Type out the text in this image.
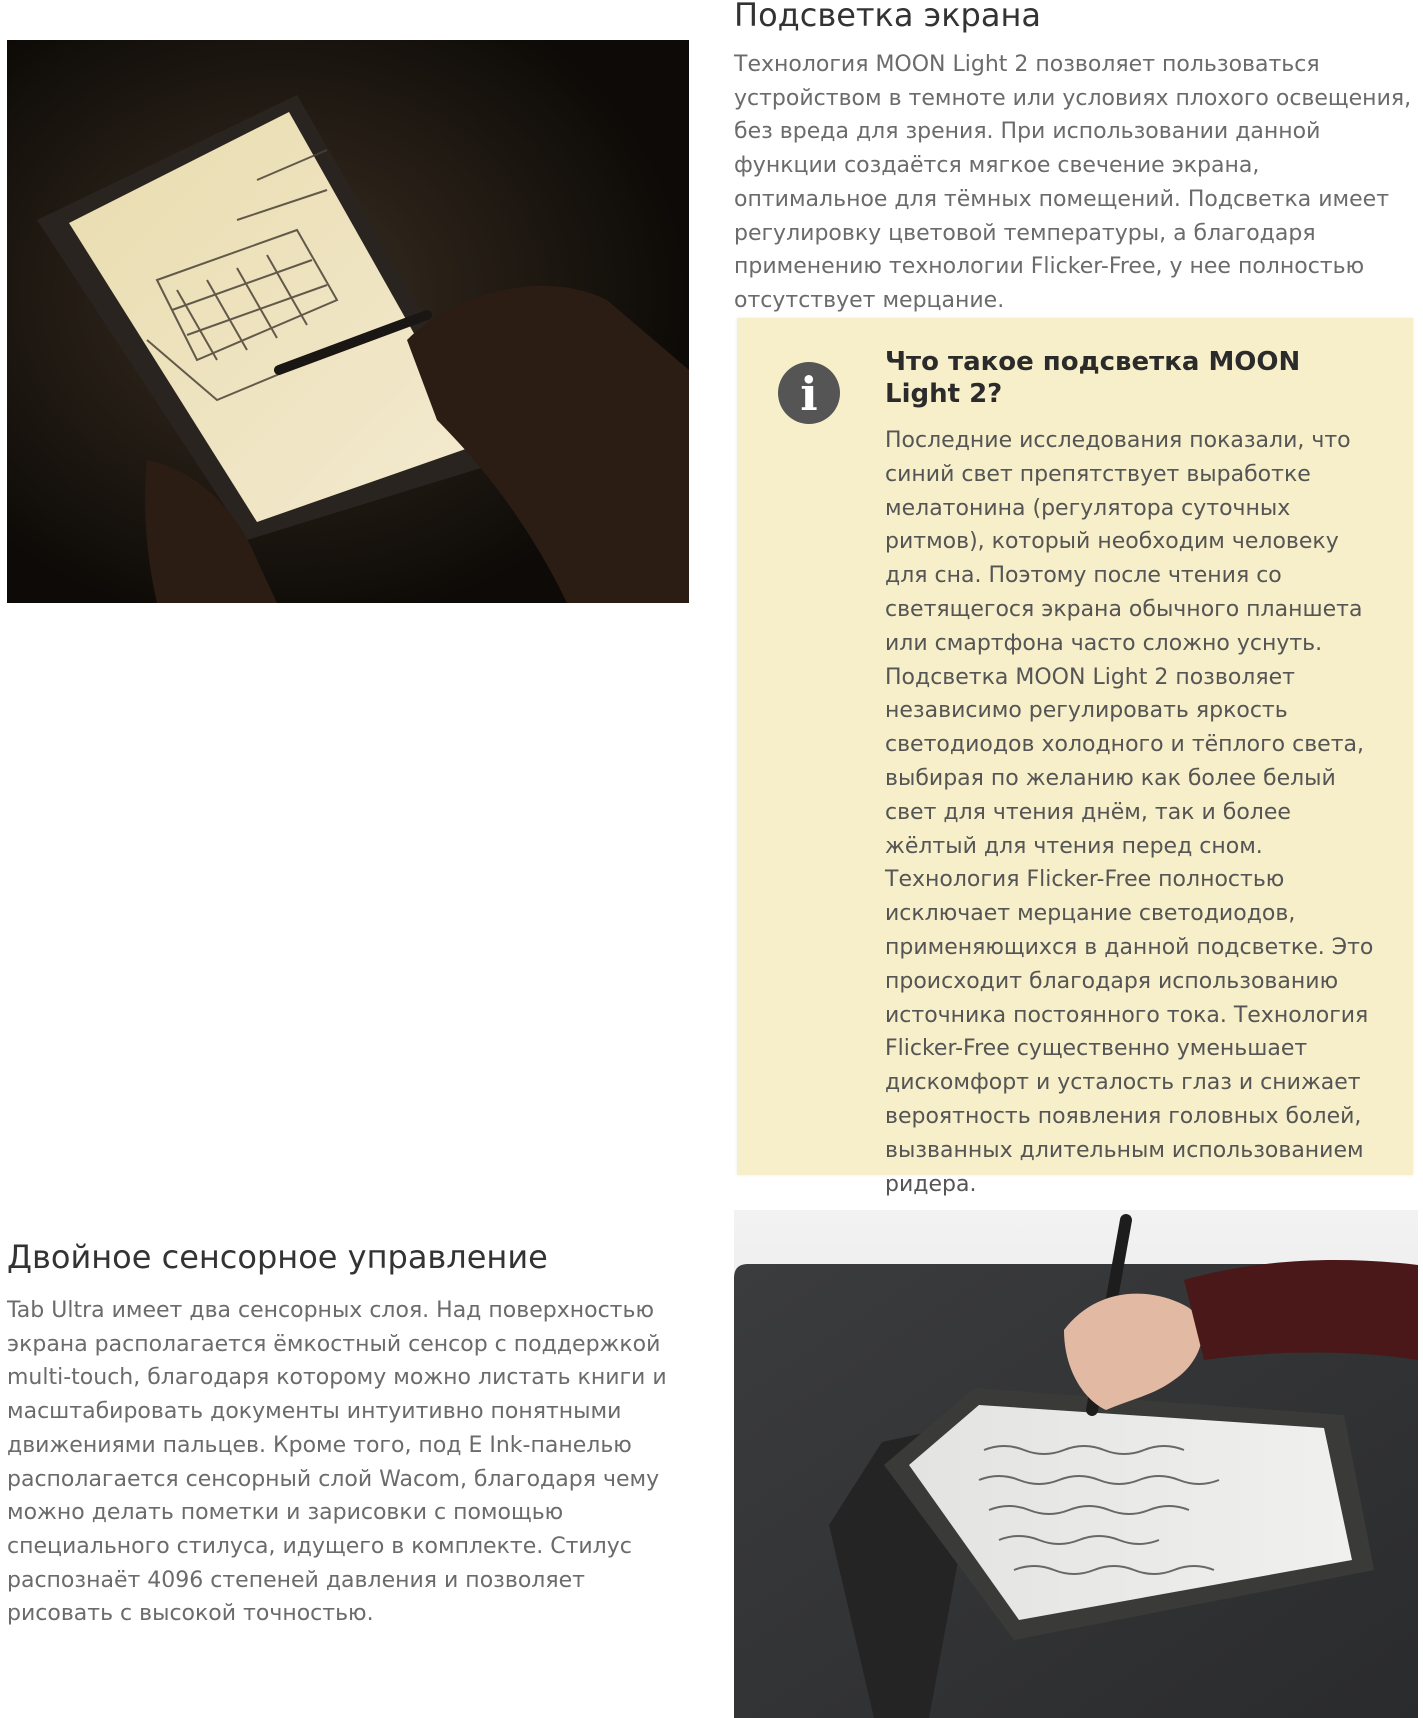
Подсветка экрана

Технология MOON Light 2 позволяет пользоваться устройством в темноте или условиях плохого освещения, без вреда для зрения. При использовании данной функции создаётся мягкое свечение экрана, оптимальное для тёмных помещений. Подсветка имеет регулировку цветовой температуры, а благодаря применению технологии Flicker-Free, у нее полностью отсутствует мерцание.

i
Что такое подсветка MOON Light 2?

Последние исследования показали, что синий свет препятствует выработке мелатонина (регулятора суточных ритмов), который необходим человеку для сна. Поэтому после чтения со светящегося экрана обычного планшета или смартфона часто сложно уснуть. Подсветка MOON Light 2 позволяет независимо регулировать яркость светодиодов холодного и тёплого света, выбирая по желанию как более белый свет для чтения днём, так и более жёлтый для чтения перед сном. Технология Flicker-Free полностью исключает мерцание светодиодов, применяющихся в данной подсветке. Это происходит благодаря использованию источника постоянного тока. Технология Flicker-Free существенно уменьшает дискомфорт и усталость глаз и снижает вероятность появления головных болей, вызванных длительным использованием ридера.

Двойное сенсорное управление

Tab Ultra имеет два сенсорных слоя. Над поверхностью экрана располагается ёмкостный сенсор с поддержкой multi-touch, благодаря которому можно листать книги и масштабировать документы интуитивно понятными движениями пальцев. Кроме того, под E Ink-панелью располагается сенсорный слой Wacom, благодаря чему можно делать пометки и зарисовки с помощью специального стилуса, идущего в комплекте. Стилус распознаёт 4096 степеней давления и позволяет рисовать с высокой точностью.
